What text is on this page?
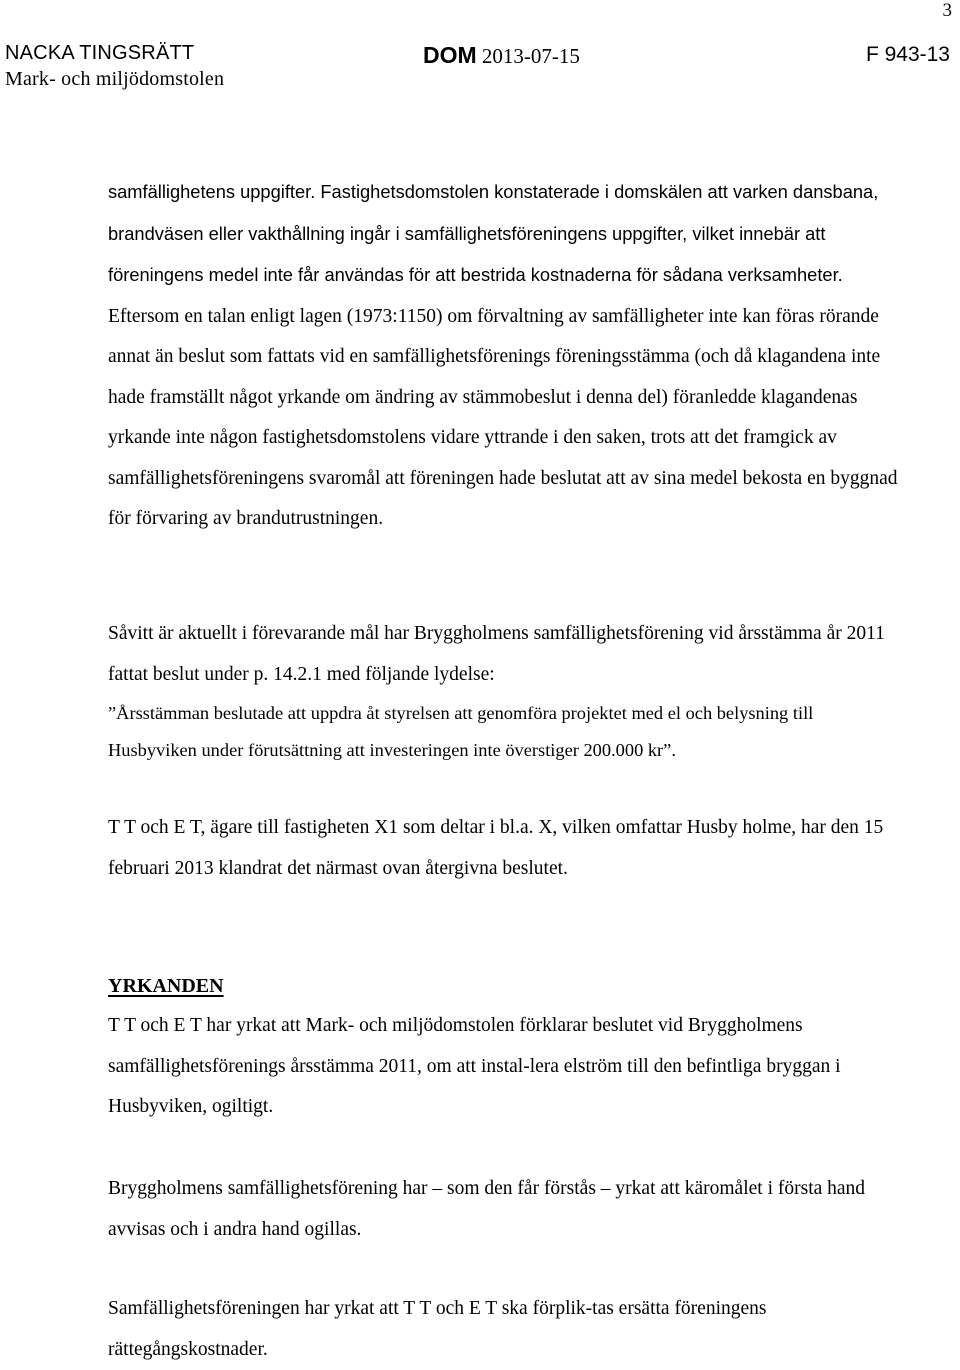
3
NACKA TINGSRÄTT
Mark- och miljödomstolen
DOM 2013-07-15	F 943-13

samfällighetens uppgifter. Fastighetsdomstolen konstaterade i domskälen att varken dansbana, brandväsen eller vakthållning ingår i samfällighetsföreningens uppgifter, vilket innebär att föreningens medel inte får användas för att bestrida kostnaderna för sådana verksamheter. Eftersom en talan enligt lagen (1973:1150) om förvaltning av samfälligheter inte kan föras rörande annat än beslut som fattats vid en samfällighetsförenings föreningsstämma (och då klagandena inte hade framställt något yrkande om ändring av stämmobeslut i denna del) föranledde klagandenas yrkande inte någon fastighetsdomstolens vidare yttrande i den saken, trots att det framgick av samfällighetsföreningens svaromål att föreningen hade beslutat att av sina medel bekosta en byggnad för förvaring av brandutrustningen.

Såvitt är aktuellt i förevarande mål har Bryggholmens samfällighetsförening vid årsstämma år 2011 fattat beslut under p. 14.2.1 med följande lydelse:

”Årsstämman beslutade att uppdra åt styrelsen att genomföra projektet med el och belysning till Husbyviken under förutsättning att investeringen inte överstiger 200.000 kr”.

T T och E T, ägare till fastigheten X1 som deltar i bl.a. X, vilken omfattar Husby holme, har den 15 februari 2013 klandrat det närmast ovan återgivna beslutet.

YRKANDEN

T T och E T har yrkat att Mark- och miljödomstolen förklarar beslutet vid Bryggholmens samfällighetsförenings årsstämma 2011, om att instal-lera elström till den befintliga bryggan i Husbyviken, ogiltigt.

Bryggholmens samfällighetsförening har – som den får förstås – yrkat att käromålet i första hand avvisas och i andra hand ogillas.

Samfällighetsföreningen har yrkat att T T och E T ska förplik-tas ersätta föreningens rättegångskostnader.
